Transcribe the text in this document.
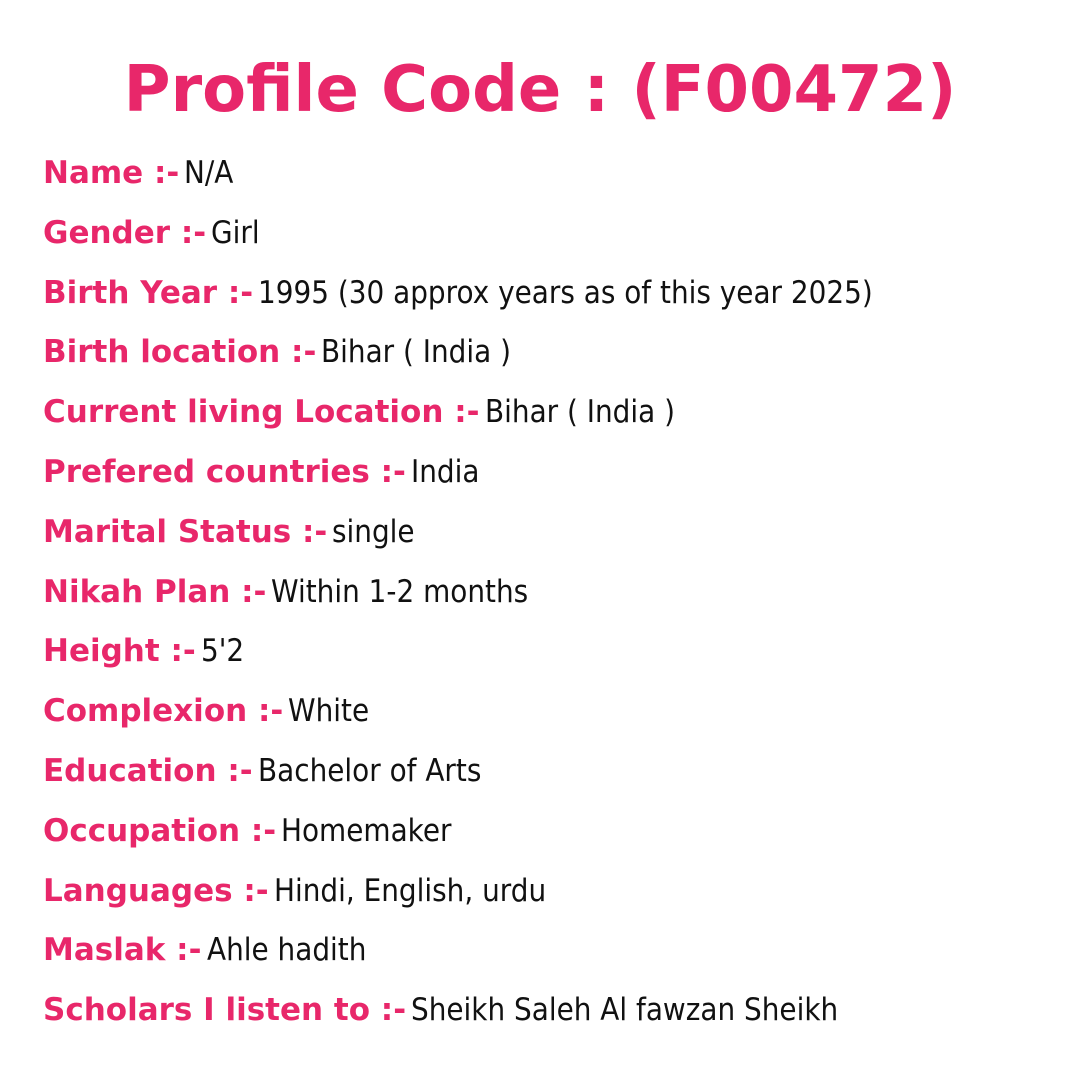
Profile Code : (F00472)
Name :- N/A
Gender :- Girl
Birth Year :- 1995 (30 approx years as of this year 2025)
Birth location :- Bihar ( India )
Current living Location :- Bihar ( India )
Prefered countries :- India
Marital Status :- single
Nikah Plan :- Within 1-2 months
Height :- 5'2
Complexion :- White
Education :- Bachelor of Arts
Occupation :- Homemaker
Languages :- Hindi, English, urdu
Maslak :- Ahle hadith
Scholars I listen to :- Sheikh Saleh Al fawzan Sheikh
